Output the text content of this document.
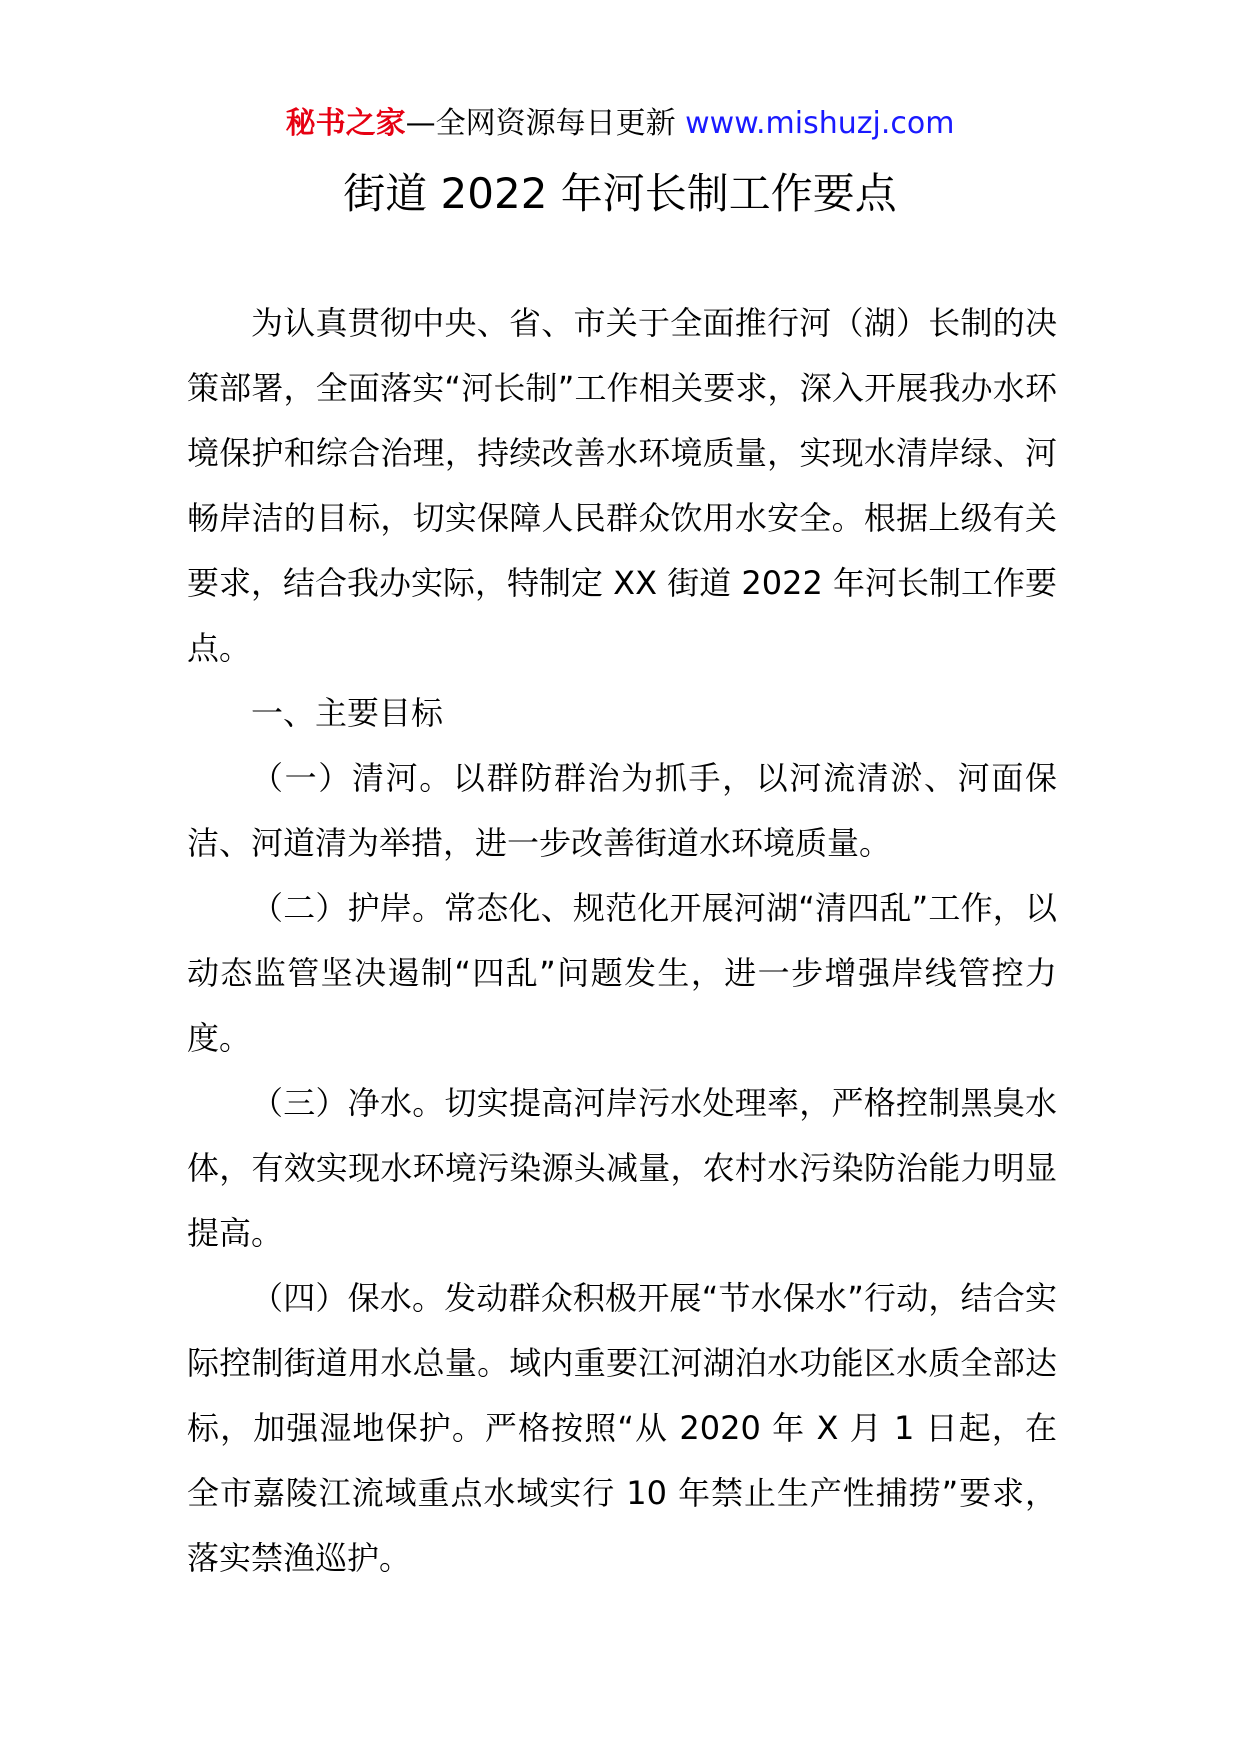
秘书之家—全网资源每日更新 www.mishuzj.com
街道 2022 年河长制工作要点

为认真贯彻中央、省、市关于全面推行河（湖）长制的决策部署，全面落实“河长制”工作相关要求，深入开展我办水环境保护和综合治理，持续改善水环境质量，实现水清岸绿、河畅岸洁的目标，切实保障人民群众饮用水安全。根据上级有关要求，结合我办实际，特制定 XX 街道 2022 年河长制工作要点。

一、主要目标

（一）清河。以群防群治为抓手，以河流清淤、河面保洁、河道清为举措，进一步改善街道水环境质量。

（二）护岸。常态化、规范化开展河湖“清四乱”工作，以动态监管坚决遏制“四乱”问题发生，进一步增强岸线管控力度。

（三）净水。切实提高河岸污水处理率，严格控制黑臭水体，有效实现水环境污染源头减量，农村水污染防治能力明显提高。

（四）保水。发动群众积极开展“节水保水”行动，结合实际控制街道用水总量。域内重要江河湖泊水功能区水质全部达标，加强湿地保护。严格按照“从 2020 年 X 月 1 日起，在全市嘉陵江流域重点水域实行 10 年禁止生产性捕捞”要求，落实禁渔巡护。
